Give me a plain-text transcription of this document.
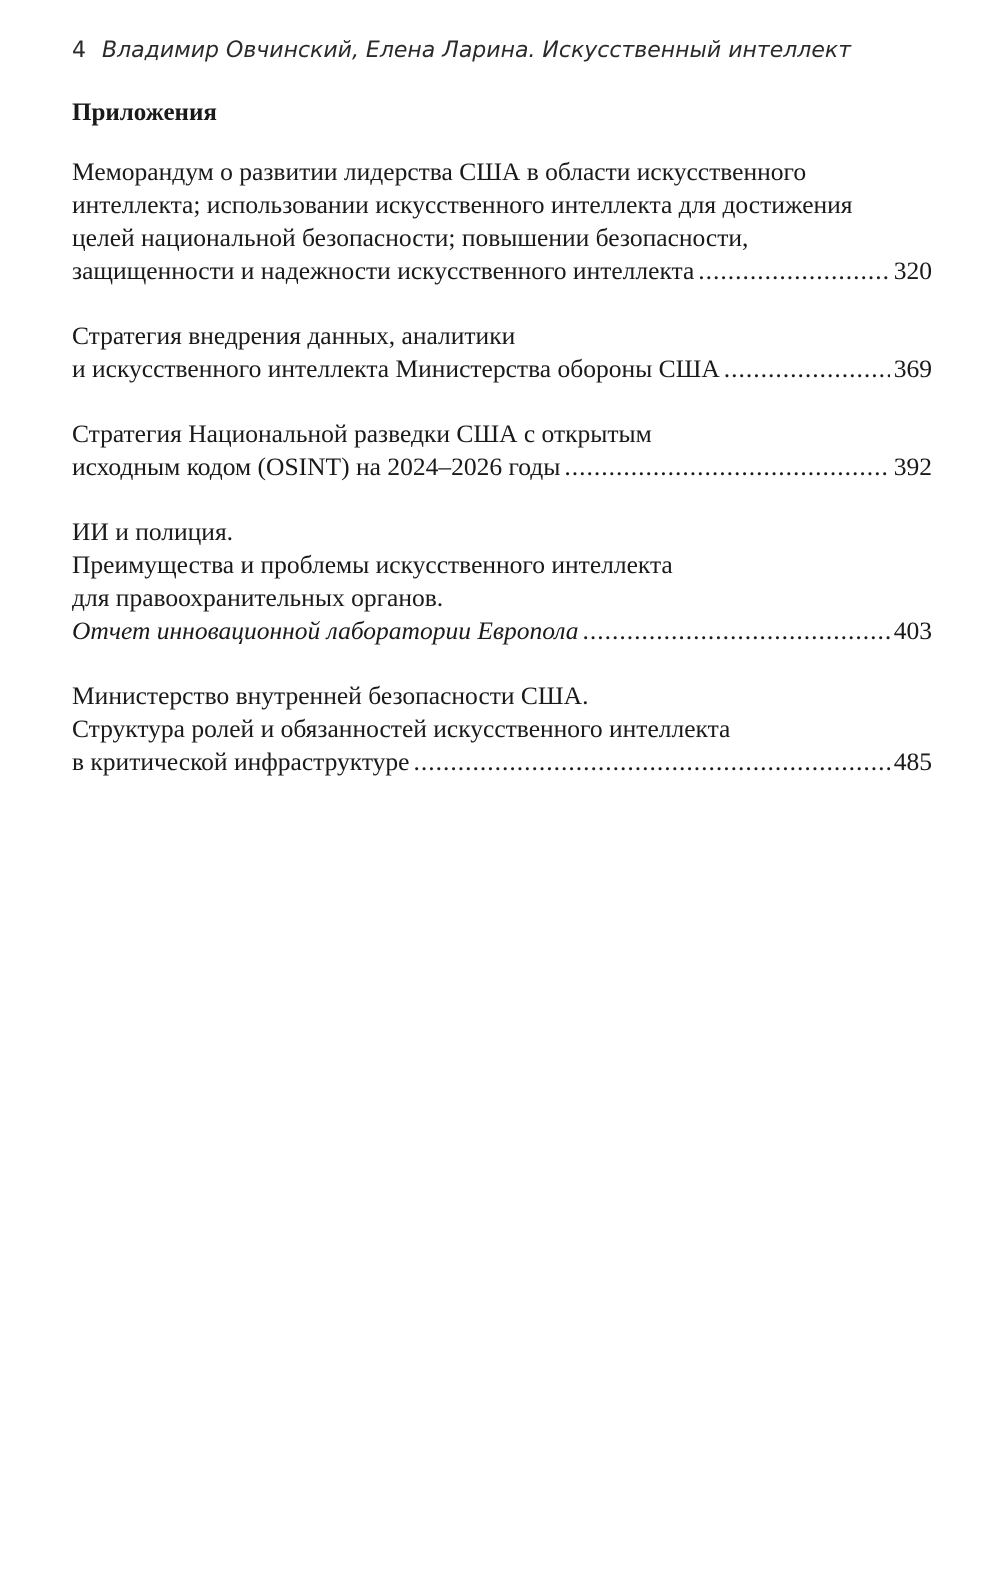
4 Владимир Овчинский, Елена Ларина. Искусственный интеллект
Приложения
Меморандум о развитии лидерства США в области искусственного
интеллекта; использовании искусственного интеллекта для достижения
целей национальной безопасности; повышении безопасности,
защищенности и надежности искусственного интеллекта .....	320
Стратегия внедрения данных, аналитики
и искусственного интеллекта Министерства обороны США .....	369
Стратегия Национальной разведки США с открытым
исходным кодом (OSINT) на 2024–2026 годы .....	392
ИИ и полиция.
Преимущества и проблемы искусственного интеллекта
для правоохранительных органов.
Отчет инновационной лаборатории Европола .....	403
Министерство внутренней безопасности США.
Структура ролей и обязанностей искусственного интеллекта
в критической инфраструктуре .....	485
